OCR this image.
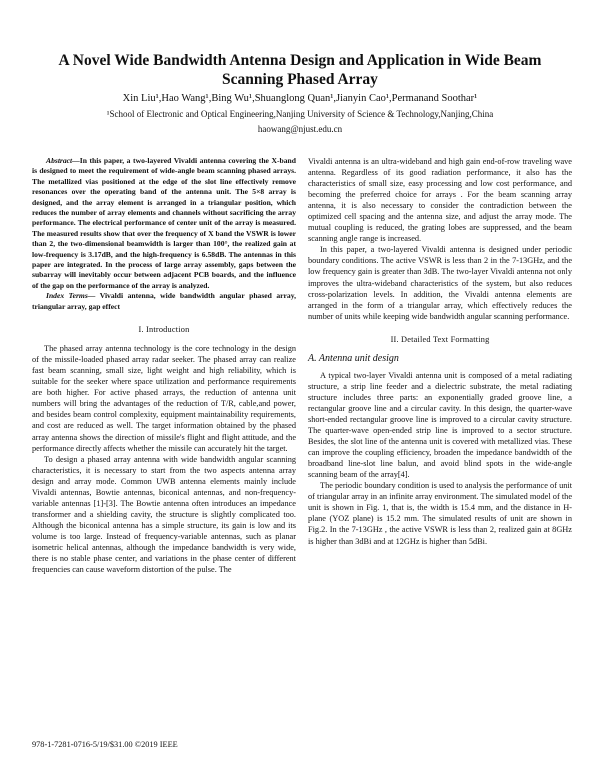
A Novel Wide Bandwidth Antenna Design and Application in Wide Beam Scanning Phased Array
Xin Liu¹,Hao Wang¹,Bing Wu¹,Shuanglong Quan¹,Jianyin Cao¹,Permanand Soothar¹
¹School of Electronic and Optical Engineering,Nanjing University of Science & Technology,Nanjing,China
haowang@njust.edu.cn

Abstract—In this paper, a two-layered Vivaldi antenna covering the X-band is designed to meet the requirement of wide-angle beam scanning phased arrays. The metallized vias positioned at the edge of the slot line effectively remove resonances over the operating band of the antenna unit. The 5×8 array is designed, and the array element is arranged in a triangular position, which reduces the number of array elements and channels without sacrificing the array performance. The electrical performance of center unit of the array is measured. The measured results show that over the frequency of X band the VSWR is lower than 2, the two-dimensional beamwidth is larger than 100°, the realized gain at low-frequency is 3.17dB, and the high-frequency is 6.58dB. The antennas in this paper are integrated. In the process of large array assembly, gaps between the subarray will inevitably occur between adjacent PCB boards, and the influence of the gap on the performance of the array is analyzed.

Index Terms— Vivaldi antenna, wide bandwidth angular phased array, triangular array, gap effect

I. Introduction

The phased array antenna technology is the core technology in the design of the missile-loaded phased array radar seeker. The phased array can realize fast beam scanning, small size, light weight and high reliability, which is suitable for the seeker where space utilization and performance requirements are both higher. For active phased arrays, the reduction of antenna unit numbers will bring the advantages of the reduction of T/R, cable,and power, and besides beam control complexity, equipment maintainability requirements, and cost are reduced as well. The target information obtained by the phased array antenna shows the direction of missile's flight and flight attitude, and the performance directly affects whether the missile can accurately hit the target.

To design a phased array antenna with wide bandwidth angular scanning characteristics, it is necessary to start from the two aspects antenna array design and array mode. Common UWB antenna elements mainly include Vivaldi antennas, Bowtie antennas, biconical antennas, and non-frequency-variable antennas [1]-[3]. The Bowtie antenna often introduces an impedance transformer and a shielding cavity, the structure is slightly complicated too. Although the biconical antenna has a simple structure, its gain is low and its volume is too large. Instead of frequency-variable antennas, such as planar isometric helical antennas, although the impedance bandwidth is very wide, there is no stable phase center, and variations in the phase center of different frequencies can cause waveform distortion of the pulse. The

Vivaldi antenna is an ultra-wideband and high gain end-of-row traveling wave antenna. Regardless of its good radiation performance, it also has the characteristics of small size, easy processing and low cost performance, and becoming the preferred choice for arrays . For the beam scanning array antenna, it is also necessary to consider the contradiction between the optimized cell spacing and the antenna size, and adjust the array mode. The mutual coupling is reduced, the grating lobes are suppressed, and the beam scanning angle range is increased.

In this paper, a two-layered Vivaldi antenna is designed under periodic boundary conditions. The active VSWR is less than 2 in the 7-13GHz, and the low frequency gain is greater than 3dB. The two-layer Vivaldi antenna not only improves the ultra-wideband characteristics of the system, but also reduces cross-polarization levels. In addition, the Vivaldi antenna elements are arranged in the form of a triangular array, which effectively reduces the number of units while keeping wide bandwidth angular scanning performance.

II. Detailed Text Formatting
A. Antenna unit design

A typical two-layer Vivaldi antenna unit is composed of a metal radiating structure, a strip line feeder and a dielectric substrate, the metal radiating structure includes three parts: an exponentially graded groove line, a rectangular groove line and a circular cavity. In this design, the quarter-wave short-ended rectangular groove line is improved to a circular cavity structure. The quarter-wave open-ended strip line is improved to a sector structure. Besides, the slot line of the antenna unit is covered with metallized vias. These can improve the coupling efficiency, broaden the impedance bandwidth of the broadband line-slot line balun, and avoid blind spots in the wide-angle scanning beam of the array[4].

The periodic boundary condition is used to analysis the performance of unit of triangular array in an infinite array environment. The simulated model of the unit is shown in Fig. 1, that is, the width is 15.4 mm, and the distance in H-plane (YOZ plane) is 15.2 mm. The simulated results of unit are shown in Fig.2. In the 7-13GHz , the active VSWR is less than 2, realized gain at 8GHz is higher than 3dBi and at 12GHz is higher than 5dBi.

978-1-7281-0716-5/19/$31.00 ©2019 IEEE
